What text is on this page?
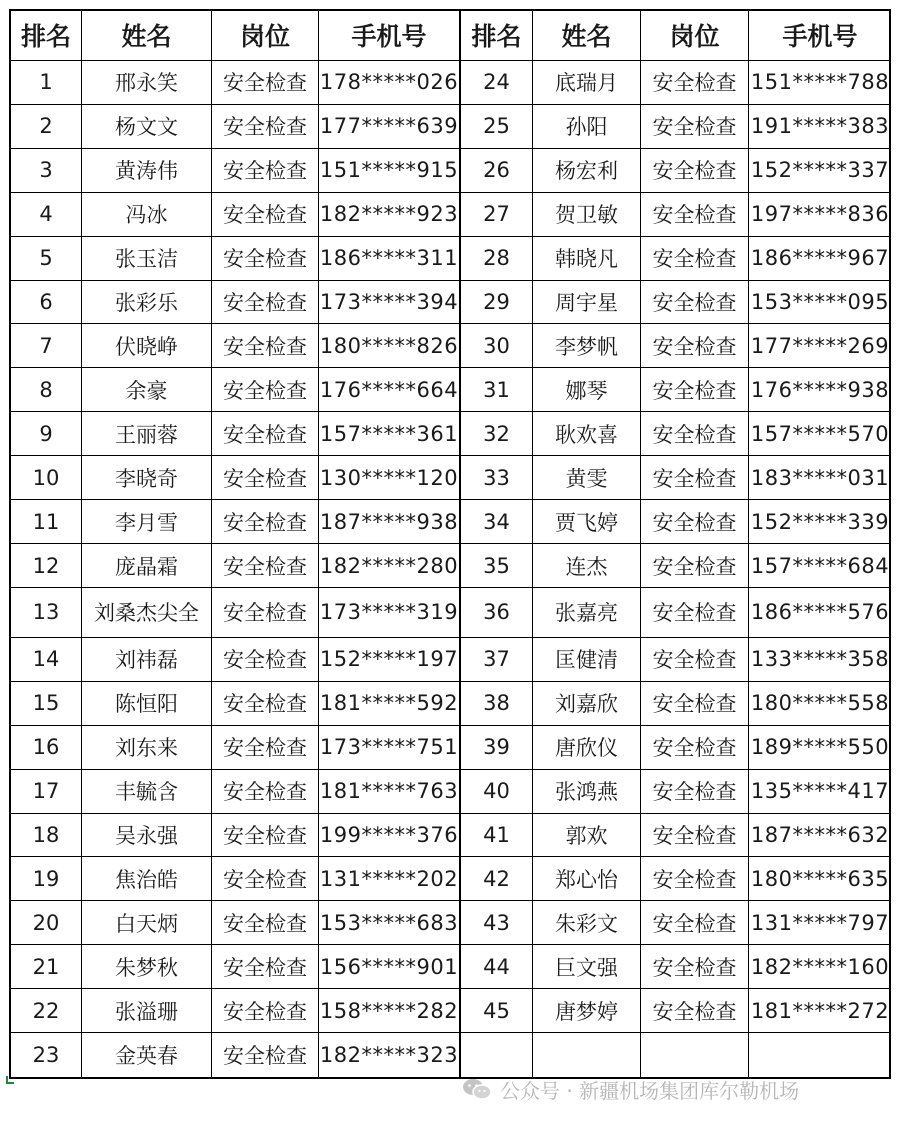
排名	姓名	岗位	手机号
1	邢永笑	安全检查 178*****026
2	杨文文	安全检查 177*****639
3	黄涛伟	安全检查 151*****915
4	冯冰	安全检查 182*****923
5	张玉洁	安全检查 186*****311
6	张彩乐	安全检查 173*****394
7	伏晓峥	安全检查 180*****826
8	余豪	安全检查 176*****664
9	王丽蓉	安全检查 157*****361
10	李晓奇	安全检查 130*****120
11	李月雪	安全检查 187*****938
12	庞晶霜	安全检查 182*****280
13	刘桑杰尖全	安全检查 173*****319
14	刘祎磊	安全检查 152*****197
15	陈恒阳	安全检查 181*****592
16	刘东来	安全检查 173*****751
17	丰毓含	安全检查 181*****763
18	吴永强	安全检查 199*****376
19	焦治皓	安全检查 131*****202
20	白天炳	安全检查 153*****683
21	朱梦秋	安全检查 156*****901
22	张溢珊	安全检查 158*****282
23	金英春	安全检查 182*****323
排名	姓名	岗位	手机号
24	底瑞月	安全检查 151*****788
25	孙阳	安全检查 191*****383
26	杨宏利	安全检查 152*****337
27	贺卫敏	安全检查 197*****836
28	韩晓凡	安全检查 186*****967
29	周宇星	安全检查 153*****095
30	李梦帆	安全检查 177*****269
31	娜琴	安全检查 176*****938
32	耿欢喜	安全检查 157*****570
33	黄雯	安全检查 183*****031
34	贾飞婷	安全检查 152*****339
35	连杰	安全检查 157*****684
36	张嘉亮	安全检查 186*****576
37	匡健清	安全检查 133*****358
38	刘嘉欣	安全检查 180*****558
39	唐欣仪	安全检查 189*****550
40	张鸿燕	安全检查 135*****417
41	郭欢	安全检查 187*****632
42	郑心怡	安全检查 180*****635
43	朱彩文	安全检查 131*****797
44	巨文强	安全检查 182*****160
45	唐梦婷	安全检查 181*****272
公众号 · 新疆机场集团库尔勒机场
